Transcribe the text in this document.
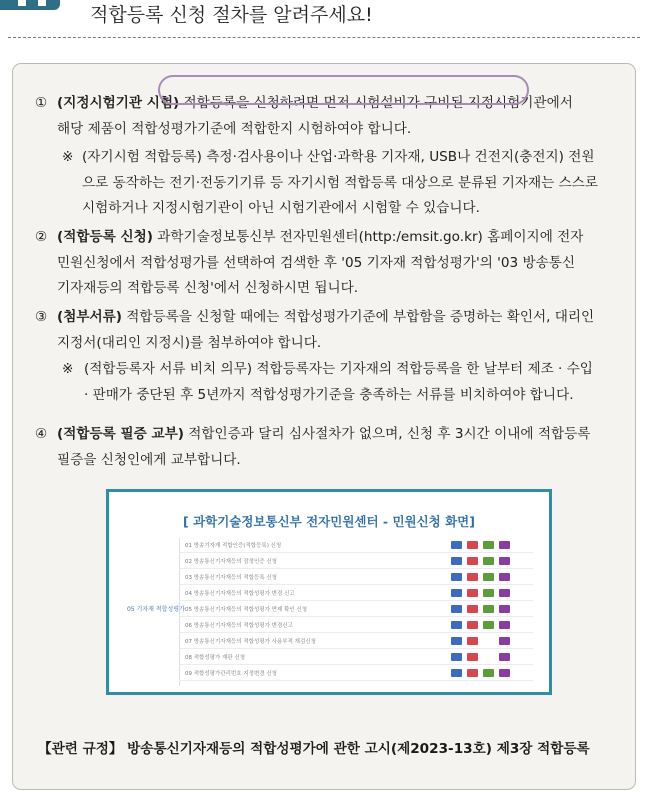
적합등록 신청 절차를 알려주세요!
① (지정시험기관 시험) 적합등록을 신청하려면 먼저 시험설비가 구비된 지정시험기관에서
해당 제품이 적합성평가기준에 적합한지 시험하여야 합니다.
※ (자기시험 적합등록) 측정·검사용이나 산업·과학용 기자재, USB나 건전지(충전지) 전원
으로 동작하는 전기·전동기기류 등 자기시험 적합등록 대상으로 분류된 기자재는 스스로
시험하거나 지정시험기관이 아닌 시험기관에서 시험할 수 있습니다.
② (적합등록 신청) 과학기술정보통신부 전자민원센터(http:/emsit.go.kr) 홈페이지에 전자
민원신청에서 적합성평가를 선택하여 검색한 후 '05 기자재 적합성평가'의 '03 방송통신
기자재등의 적합등록 신청'에서 신청하시면 됩니다.
③ (첨부서류) 적합등록을 신청할 때에는 적합성평가기준에 부합함을 증명하는 확인서, 대리인
지정서(대리인 지정시)를 첨부하여야 합니다.
※ (적합등록자 서류 비치 의무) 적합등록자는 기자재의 적합등록을 한 날부터 제조 · 수입
· 판매가 중단된 후 5년까지 적합성평가기준을 충족하는 서류를 비치하여야 합니다.
④ (적합등록 필증 교부) 적합인증과 달리 심사절차가 없으며, 신청 후 3시간 이내에 적합등록
필증을 신청인에게 교부합니다.
[ 과학기술정보통신부 전자민원센터 - 민원신청 화면]
05 기자재 적합성평가
01 방송기자재 적합인증(적합등록) 신청
02 방송통신기자재등의 잠정인증 신청
03 방송통신기자재등의 적합등록 신청
04 방송통신기자재등의 적합성평가 변경 신고
05 방송통신기자재등의 적합성평가 면제 확인 신청
06 방송통신기자재등의 적합성평가 변경신고
07 방송통신기자재등의 적합성평가 사용부적 재검신청
08 적합성평가 재판 신청
09 적합성평가관리번호 지정변경 신청
【관련 규정】 방송통신기자재등의 적합성평가에 관한 고시(제2023-13호) 제3장 적합등록
